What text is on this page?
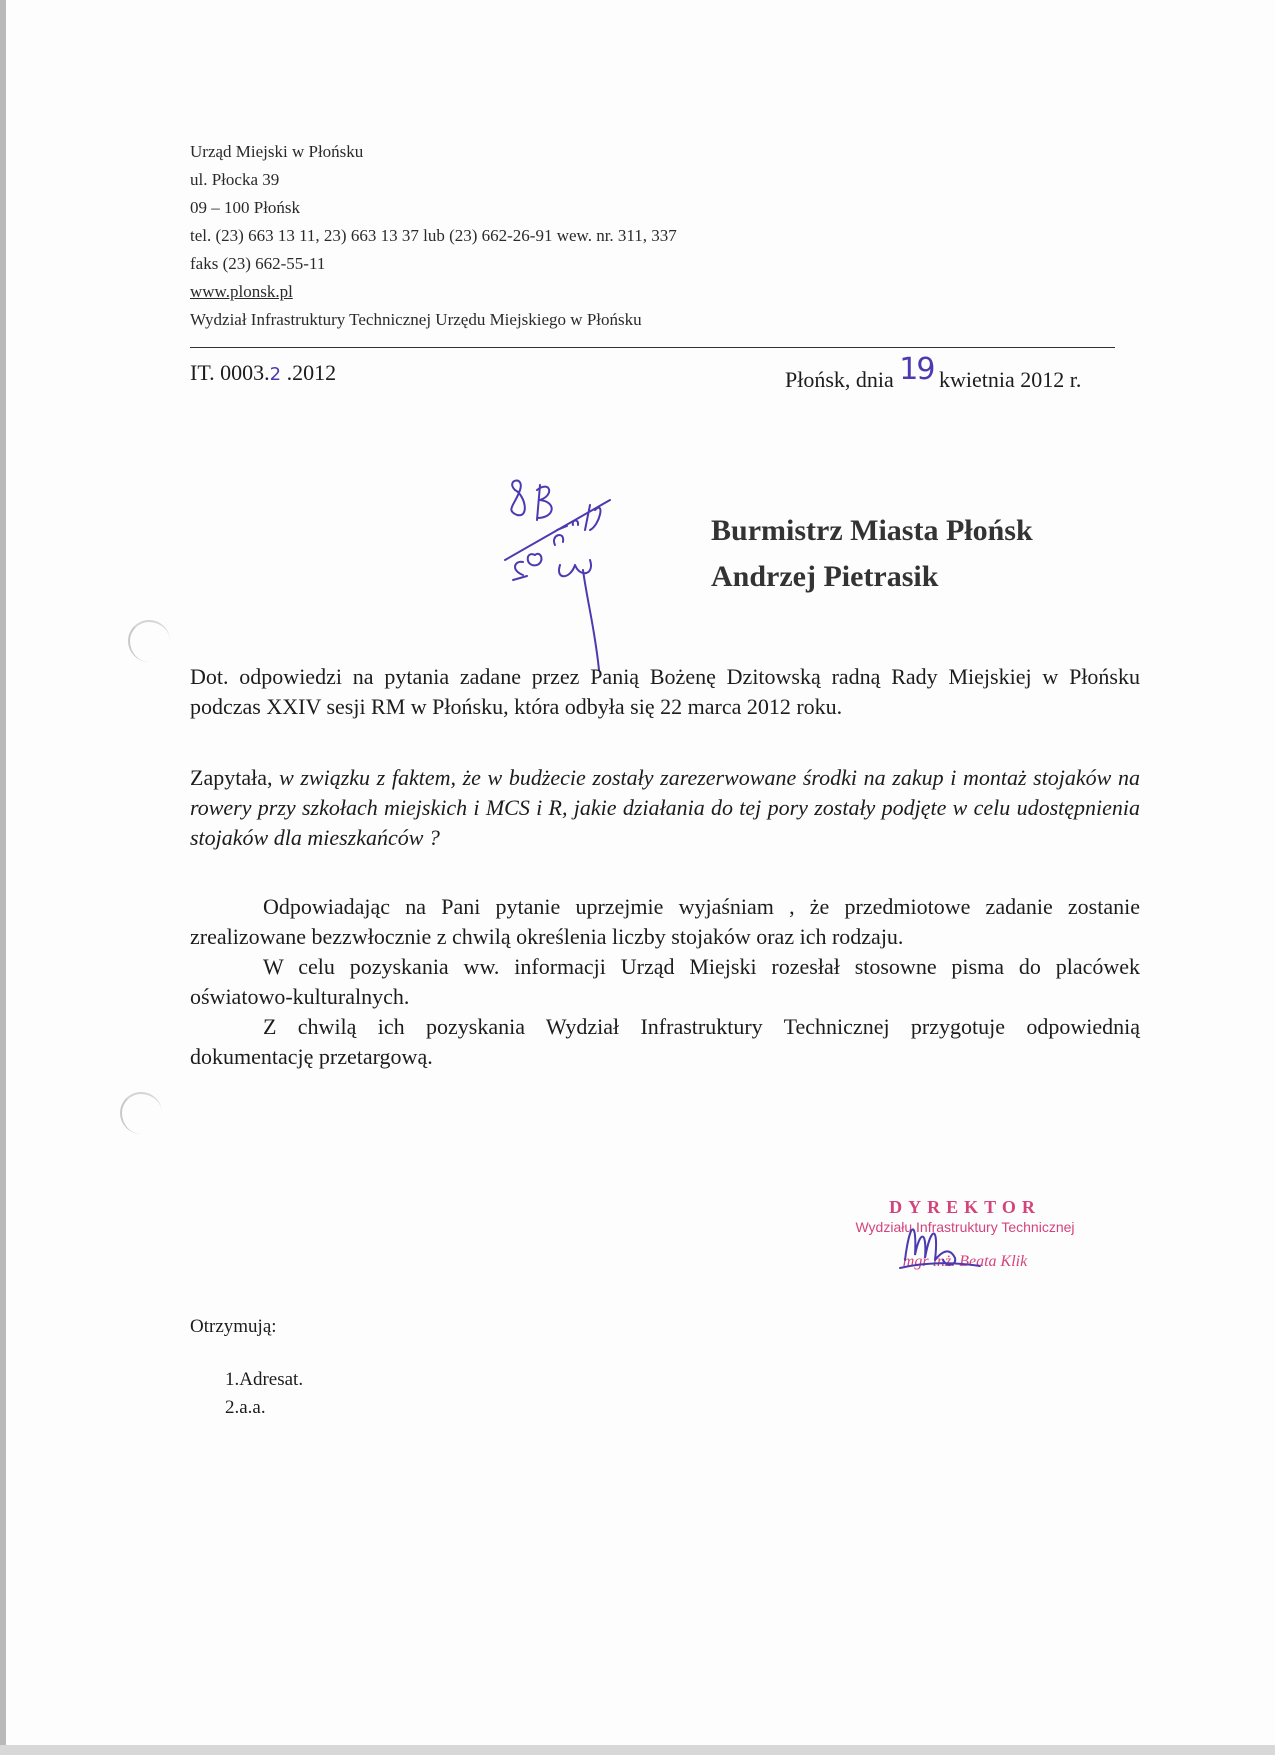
Urząd Miejski w Płońsku
ul. Płocka 39
09 – 100 Płońsk
tel. (23) 663 13 11, 23) 663 13 37 lub (23) 662-26-91 wew. nr. 311, 337
faks (23) 662-55-11
www.plonsk.pl
Wydział Infrastruktury Technicznej Urzędu Miejskiego w Płońsku
IT. 0003.2 .2012	Płońsk, dnia 19 kwietnia 2012 r.
Burmistrz Miasta Płońsk
Andrzej Pietrasik
Dot. odpowiedzi na pytania zadane przez Panią Bożenę Dzitowską radną Rady Miejskiej w Płońsku podczas XXIV sesji RM w Płońsku, która odbyła się 22 marca 2012 roku.
Zapytała, w związku z faktem, że w budżecie zostały zarezerwowane środki na zakup i montaż stojaków na rowery przy szkołach miejskich i MCS i R, jakie działania do tej pory zostały podjęte w celu udostępnienia stojaków dla mieszkańców ?
Odpowiadając na Pani pytanie uprzejmie wyjaśniam , że przedmiotowe zadanie zostanie zrealizowane bezzwłocznie z chwilą określenia liczby stojaków oraz ich rodzaju.
W celu pozyskania ww. informacji Urząd Miejski rozesłał stosowne pisma do placówek oświatowo-kulturalnych.
Z chwilą ich pozyskania Wydział Infrastruktury Technicznej przygotuje odpowiednią dokumentację przetargową.
DYREKTOR
Wydziału Infrastruktury Technicznej
mgr inż. Beata Klik
Otrzymują:
1.Adresat.
2.a.a.
